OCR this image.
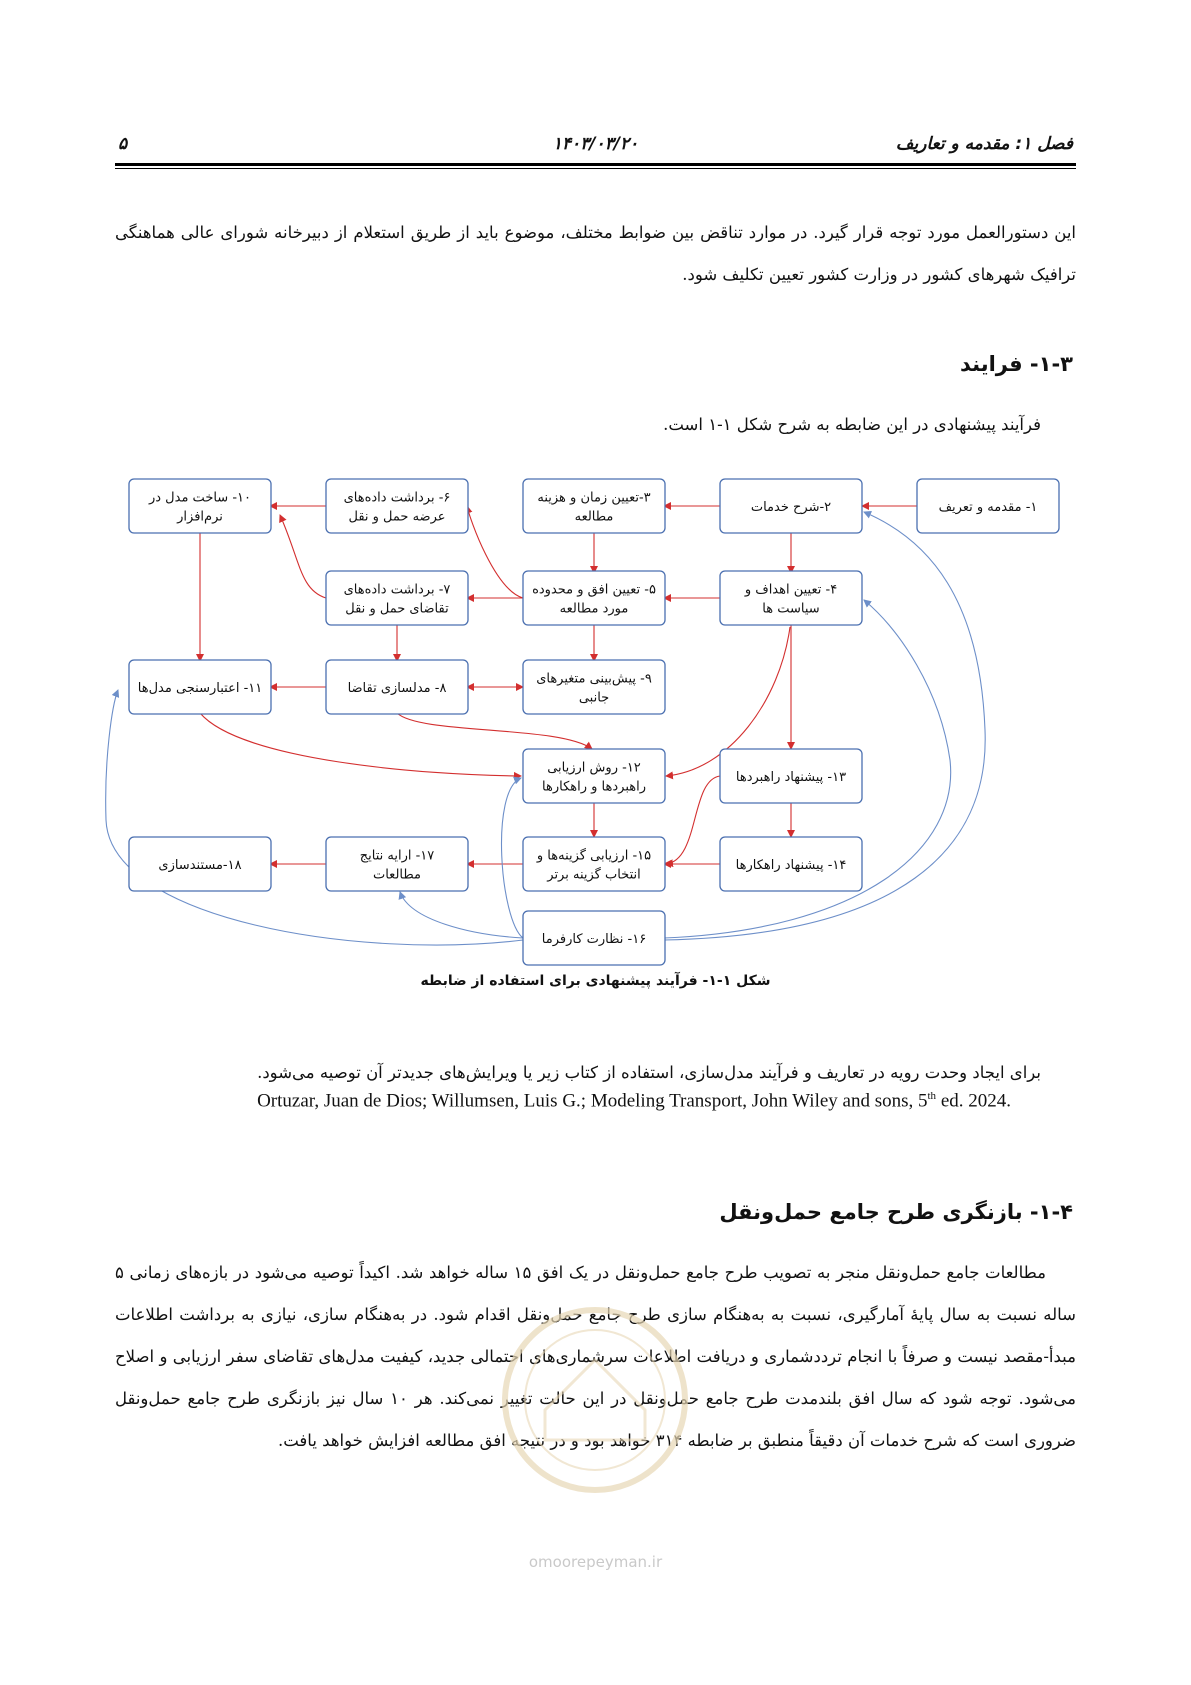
فصل ۱: مقدمه و تعاریف
۱۴۰۳/۰۳/۲۰
۵

این دستورالعمل مورد توجه قرار گیرد. در موارد تناقض بین ضوابط مختلف، موضوع باید از طریق استعلام از دبیرخانه شورای عالی هماهنگی ترافیک شهرهای کشور در وزارت کشور تعیین تکلیف شود.

۱-۳- فرایند

فرآیند پیشنهادی در این ضابطه به شرح شکل ۱-۱ است.

۱- مقدمه و تعریف
۲-شرح خدمات
۳-تعیین زمان و هزینه
مطالعه
۴- تعیین اهداف و
سیاست ها
۵- تعیین افق و محدوده
مورد مطالعه
۶- برداشت داده‌های
عرضه حمل و نقل
۷- برداشت داده‌های
تقاضای حمل و نقل
۸- مدلسازی تقاضا
۹- پیش‌بینی متغیرهای
جانبی
۱۰- ساخت مدل در
نرم‌افزار
۱۱- اعتبارسنجی مدل‌ها
۱۲- روش ارزیابی
راهبردها و راهکارها
۱۳- پیشنهاد راهبردها
۱۴- پیشنهاد راهکارها
۱۵- ارزیابی گزینه‌ها و
انتخاب گزینه برتر
۱۶- نظارت کارفرما
۱۷- ارایه نتایج
مطالعات
۱۸-مستندسازی
شکل ۱-۱- فرآیند پیشنهادی برای استفاده از ضابطه

برای ایجاد وحدت رویه در تعاریف و فرآیند مدل‌سازی، استفاده از کتاب زیر یا ویرایش‌های جدیدتر آن توصیه می‌شود.

Ortuzar, Juan de Dios; Willumsen, Luis G.; Modeling Transport, John Wiley and sons, 5th ed. 2024.
۱-۴- بازنگری طرح جامع حمل‌ونقل

مطالعات جامع حمل‌ونقل منجر به تصویب طرح جامع حمل‌ونقل در یک افق ۱۵ ساله خواهد شد. اکیداً توصیه می‌شود در بازه‌های زمانی ۵ ساله نسبت به سال پایهٔ آمارگیری، نسبت به به‌هنگام سازی طرح جامع حمل‌ونقل اقدام شود. در به‌هنگام سازی، نیازی به برداشت اطلاعات مبدأ-مقصد نیست و صرفاً با انجام ترددشماری و دریافت اطلاعات سرشماری‌های احتمالی جدید، کیفیت مدل‌های تقاضای سفر ارزیابی و اصلاح می‌شود. توجه شود که سال افق بلندمدت طرح جامع حمل‌ونقل در این حالت تغییر نمی‌کند. هر ۱۰ سال نیز بازنگری طرح جامع حمل‌ونقل ضروری است که شرح خدمات آن دقیقاً منطبق بر ضابطه ۳۱۴ خواهد بود و در نتیجه افق مطالعه افزایش خواهد یافت.

omoorepeyman.ir
